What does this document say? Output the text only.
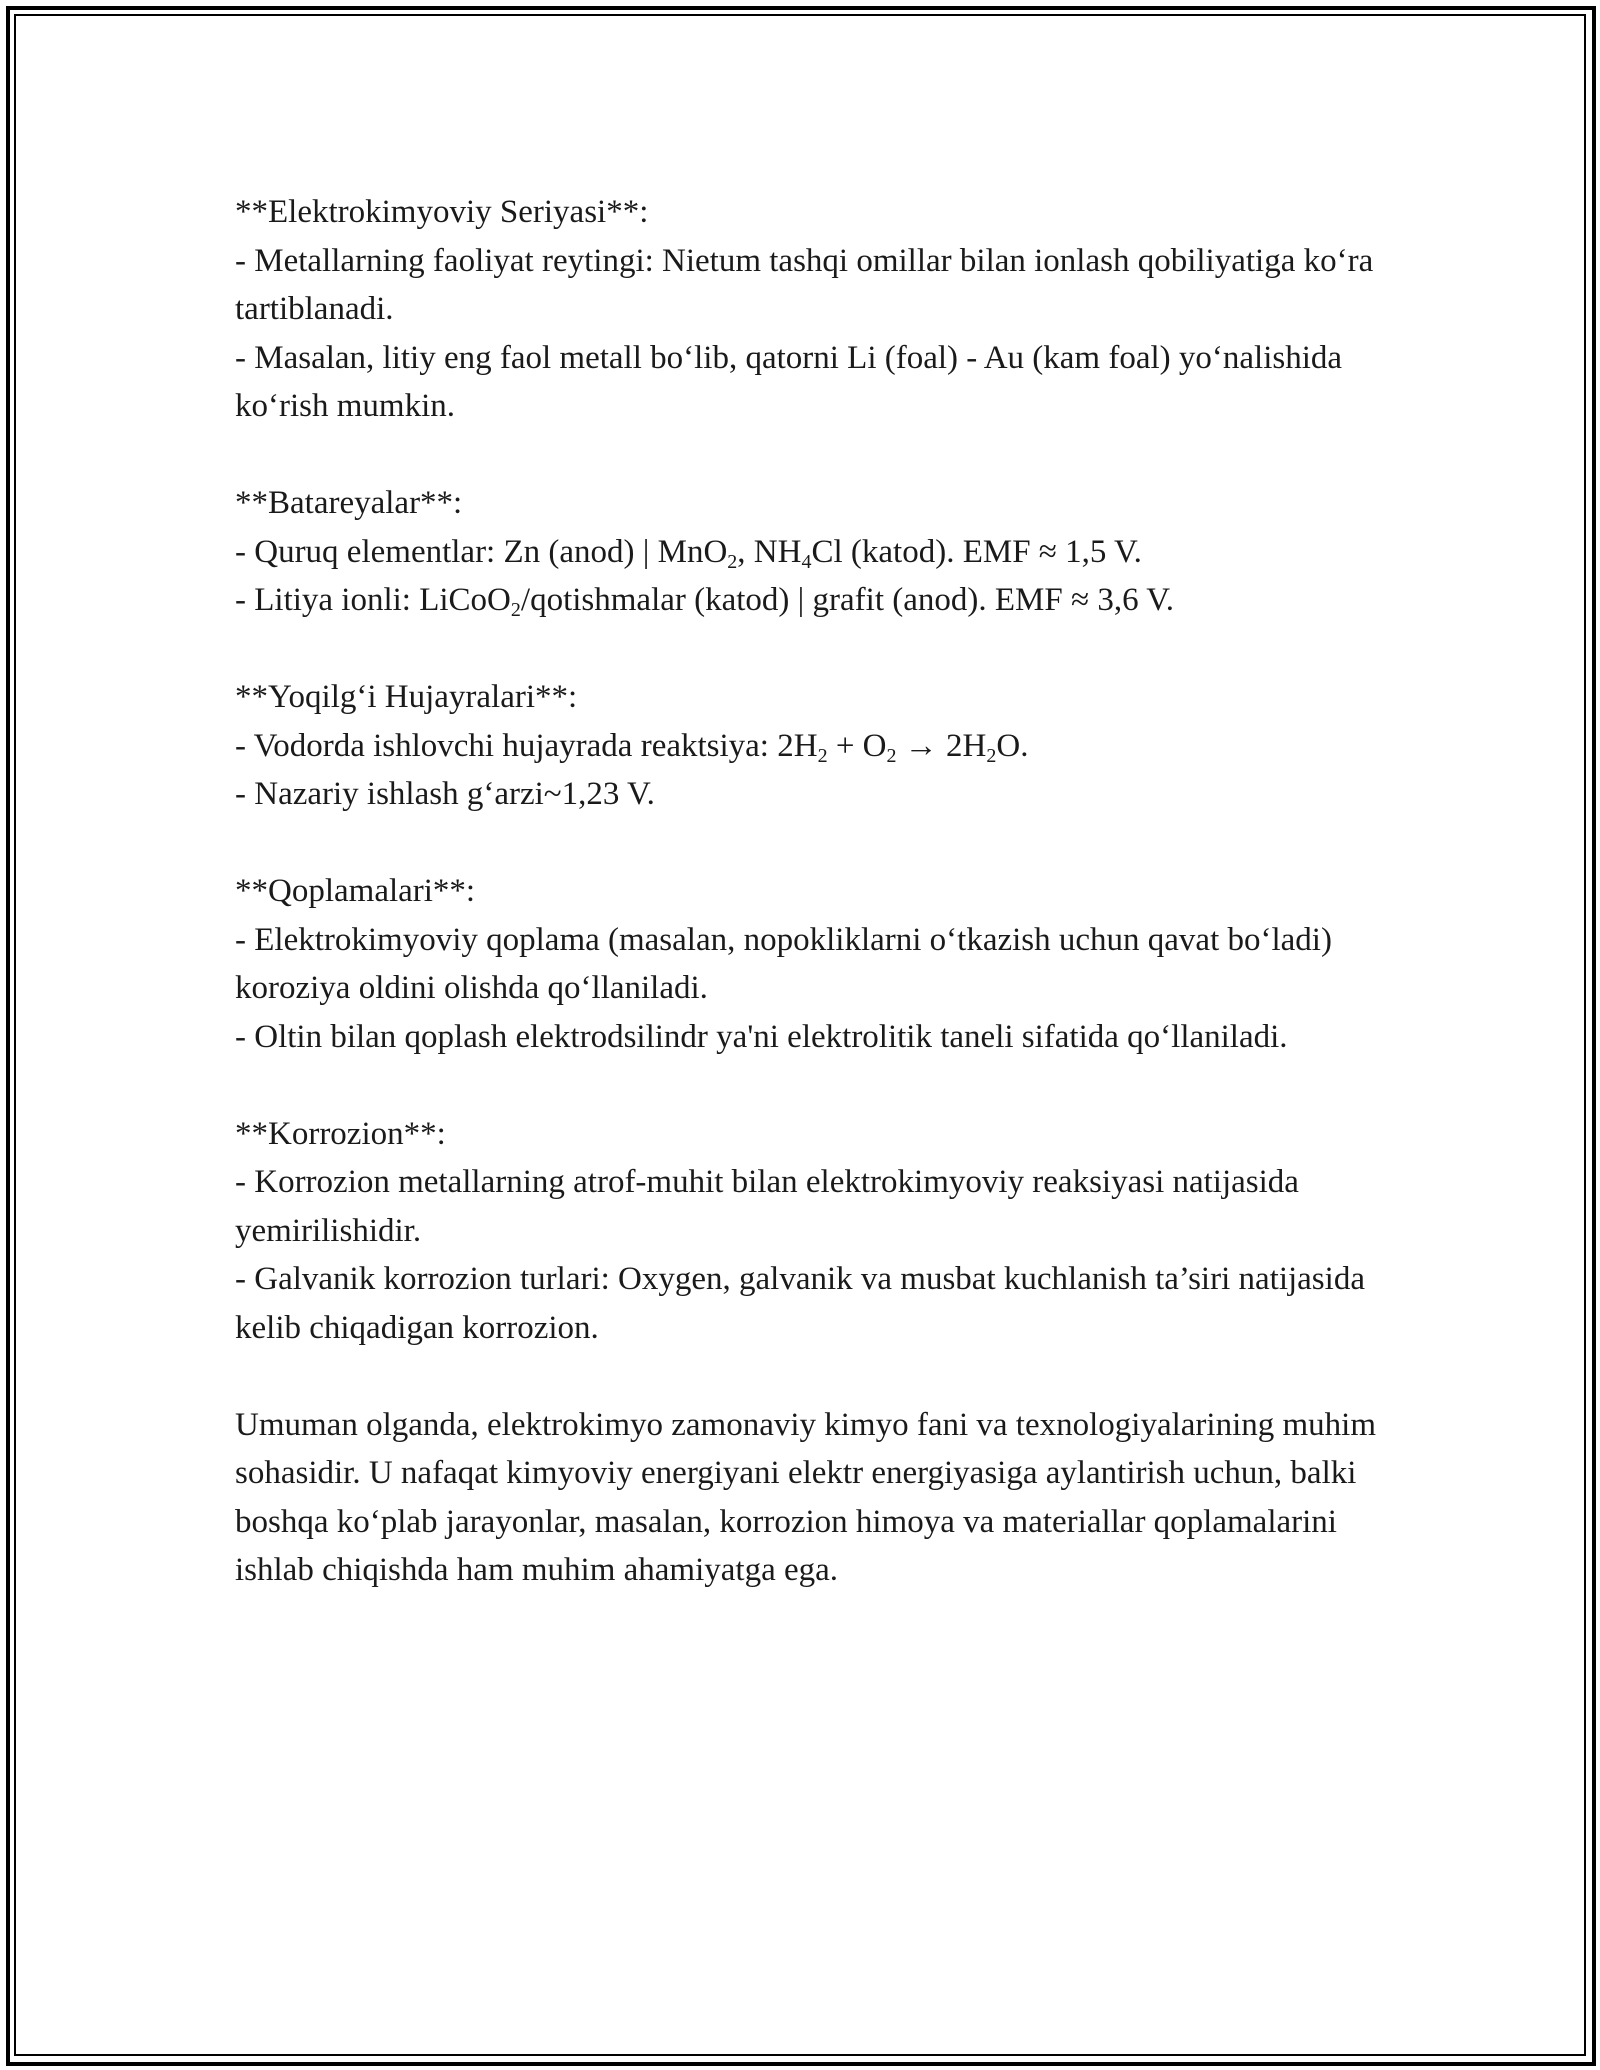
**Elektrokimyoviy Seriyasi**:
- Metallarning faoliyat reytingi: Nietum tashqi omillar bilan ionlash qobiliyatiga ko‘ra tartiblanadi.
- Masalan, litiy eng faol metall bo‘lib, qatorni Li (foal) - Au (kam foal) yo‘nalishida ko‘rish mumkin.
**Batareyalar**:
- Quruq elementlar: Zn (anod) | MnO$_2$, $NH_4Cl$ (katod). EMF ≈ 1,5 V.
- Litiya ionli: LiCoO$_2$/qotishmalar (katod) | grafit (anod). EMF ≈ 3,6 V.
**Yoqilg‘i Hujayralari**:
- Vodorda ishlovchi hujayrada reaktsiya: $2H_2 + O_2 \to 2H_2O$.
- Nazariy ishlash g‘arzi~1,23 V.
**Qoplamalari**:
- Elektrokimyoviy qoplama (masalan, nopokliklarni o‘tkazish uchun qavat bo‘ladi) koroziya oldini olishda qo‘llaniladi.
- Oltin bilan qoplash elektrodsilindr ya'ni elektrolitik taneli sifatida qo‘llaniladi.
**Korrozion**:
- Korrozion metallarning atrof-muhit bilan elektrokimyoviy reaksiyasi natijasida yemirilishidir.
- Galvanik korrozion turlari: Oxygen, galvanik va musbat kuchlanish ta’siri natijasida kelib chiqadigan korrozion.

Umuman olganda, elektrokimyo zamonaviy kimyo fani va texnologiyalarining muhim sohasidir. U nafaqat kimyoviy energiyani elektr energiyasiga aylantirish uchun, balki boshqa ko‘plab jarayonlar, masalan, korrozion himoya va materiallar qoplamalarini ishlab chiqishda ham muhim ahamiyatga ega.
